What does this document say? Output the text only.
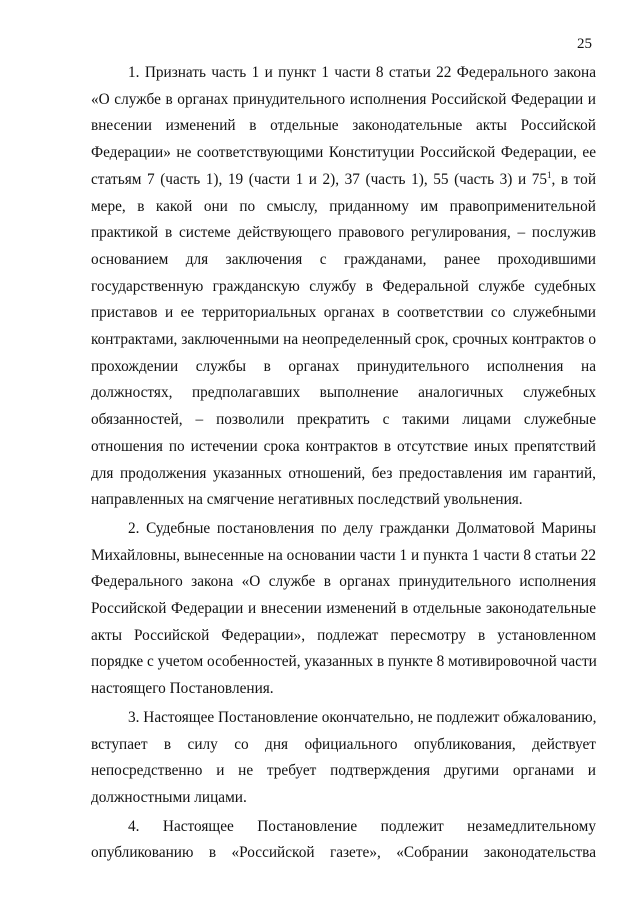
25
1. Признать часть 1 и пункт 1 части 8 статьи 22 Федерального закона
«О службе в органах принудительного исполнения Российской Федерации и
внесении изменений в отдельные законодательные акты Российской
Федерации» не соответствующими Конституции Российской Федерации, ее
статьям 7 (часть 1), 19 (части 1 и 2), 37 (часть 1), 55 (часть 3) и $75^1$, в той
мере, в какой они по смыслу, приданному им правоприменительной
практикой в системе действующего правового регулирования, – послужив
основанием для заключения с гражданами, ранее проходившими
государственную гражданскую службу в Федеральной службе судебных
приставов и ее территориальных органах в соответствии со служебными
контрактами, заключенными на неопределенный срок, срочных контрактов о
прохождении службы в органах принудительного исполнения на
должностях, предполагавших выполнение аналогичных служебных
обязанностей, – позволили прекратить с такими лицами служебные
отношения по истечении срока контрактов в отсутствие иных препятствий
для продолжения указанных отношений, без предоставления им гарантий,
направленных на смягчение негативных последствий увольнения.
2. Судебные постановления по делу гражданки Долматовой Марины
Михайловны, вынесенные на основании части 1 и пункта 1 части 8 статьи 22
Федерального закона «О службе в органах принудительного исполнения
Российской Федерации и внесении изменений в отдельные законодательные
акты Российской Федерации», подлежат пересмотру в установленном
порядке с учетом особенностей, указанных в пункте 8 мотивировочной части
настоящего Постановления.
3. Настоящее Постановление окончательно, не подлежит обжалованию,
вступает в силу со дня официального опубликования, действует
непосредственно и не требует подтверждения другими органами и
должностными лицами.
4. Настоящее Постановление подлежит незамедлительному
опубликованию в «Российской газете», «Собрании законодательства
